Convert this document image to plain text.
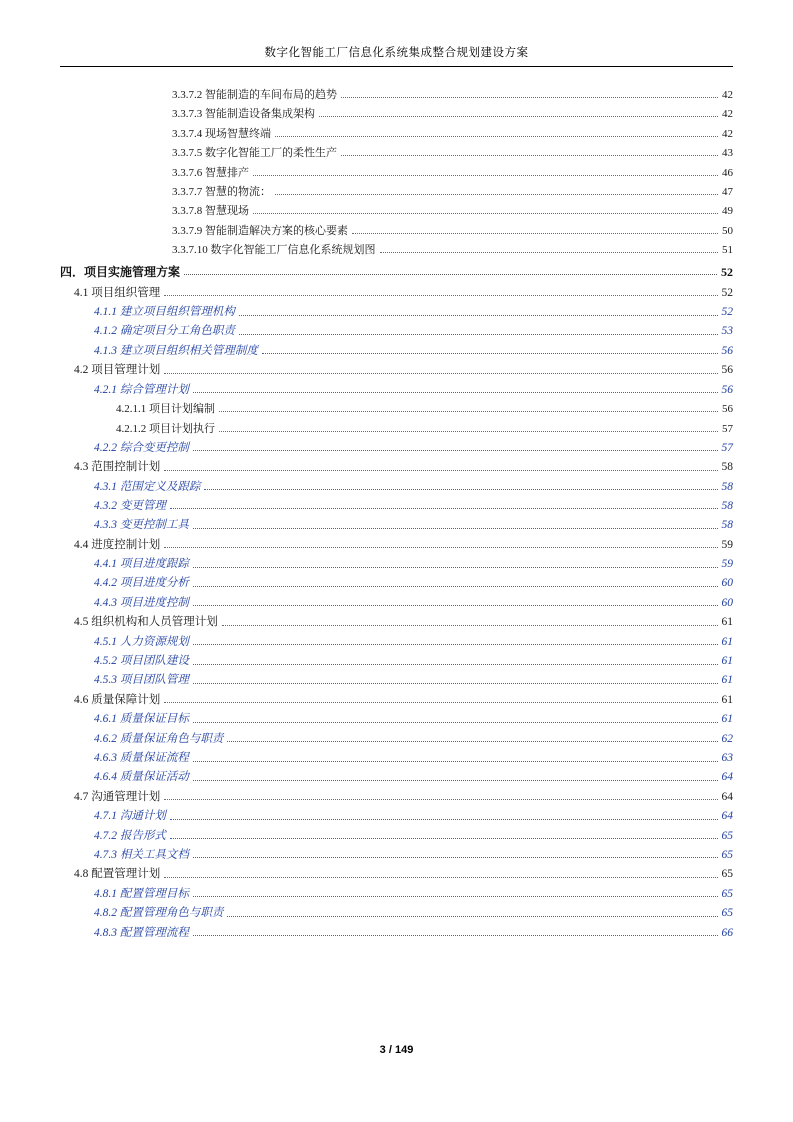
数字化智能工厂信息化系统集成整合规划建设方案
3.3.7.2 智能制造的车间布局的趋势	42
3.3.7.3 智能制造设备集成架构	42
3.3.7.4 现场智慧终端	42
3.3.7.5 数字化智能工厂的柔性生产	43
3.3.7.6 智慧排产	46
3.3.7.7 智慧的物流：	47
3.3.7.8 智慧现场	49
3.3.7.9 智能制造解决方案的核心要素	50
3.3.7.10 数字化智能工厂信息化系统规划图	51
四．项目实施管理方案	52
4.1 项目组织管理	52
4.1.1 建立项目组织管理机构	52
4.1.2 确定项目分工角色职责	53
4.1.3 建立项目组织相关管理制度	56
4.2 项目管理计划	56
4.2.1 综合管理计划	56
4.2.1.1 项目计划编制	56
4.2.1.2 项目计划执行	57
4.2.2 综合变更控制	57
4.3 范围控制计划	58
4.3.1 范围定义及跟踪	58
4.3.2 变更管理	58
4.3.3 变更控制工具	58
4.4 进度控制计划	59
4.4.1 项目进度跟踪	59
4.4.2 项目进度分析	60
4.4.3 项目进度控制	60
4.5 组织机构和人员管理计划	61
4.5.1 人力资源规划	61
4.5.2 项目团队建设	61
4.5.3 项目团队管理	61
4.6 质量保障计划	61
4.6.1 质量保证目标	61
4.6.2 质量保证角色与职责	62
4.6.3 质量保证流程	63
4.6.4 质量保证活动	64
4.7 沟通管理计划	64
4.7.1 沟通计划	64
4.7.2 报告形式	65
4.7.3 相关工具文档	65
4.8 配置管理计划	65
4.8.1 配置管理目标	65
4.8.2 配置管理角色与职责	65
4.8.3 配置管理流程	66
3 / 149
